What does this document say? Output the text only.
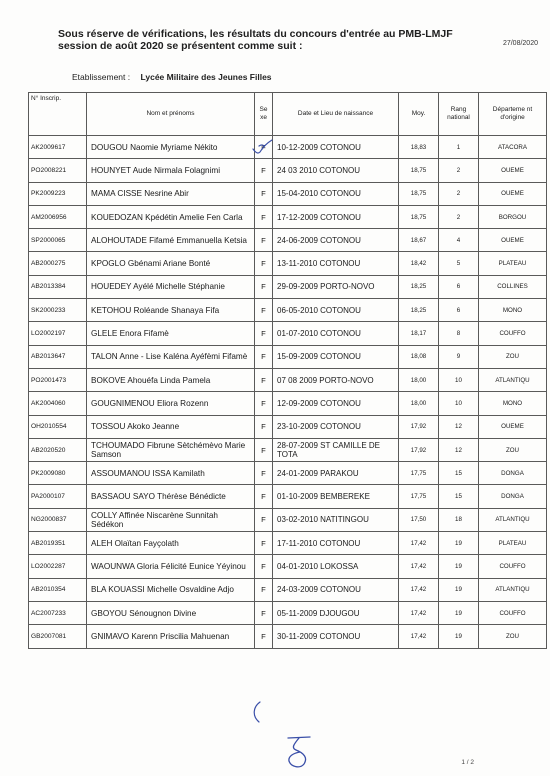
27/08/2020
Sous réserve de vérifications, les résultats du concours d'entrée au PMB-LMJF
session de août 2020 se présentent comme suit :
Etablissement : Lycée Militaire des Jeunes Filles
N° Inscrip.	Nom et prénoms	Se xe	Date et Lieu de naissance	Moy.	Rang national	Départeme nt d'origine
AK2009617	DOUGOU Naomie Myriame Nékito	F	10-12-2009 COTONOU	18,83	1	ATACORA
PO2008221	HOUNYET Aude Nirmala Folagnimi	F	24 03 2010 COTONOU	18,75	2	OUEME
PK2009223	MAMA CISSE Nesrine Abir	F	15-04-2010 COTONOU	18,75	2	OUEME
AM2006956	KOUEDOZAN Kpédétin Amelie Fen Carla	F	17-12-2009 COTONOU	18,75	2	BORGOU
SP2000065	ALOHOUTADE Fifamé Emmanuella Ketsia	F	24-06-2009 COTONOU	18,67	4	OUEME
AB2000275	KPOGLO Gbénami Ariane Bonté	F	13-11-2010 COTONOU	18,42	5	PLATEAU
AB2013384	HOUEDEY Ayélé Michelle Stéphanie	F	29-09-2009 PORTO-NOVO	18,25	6	COLLINES
SK2000233	KETOHOU Roléande Shanaya Fifa	F	06-05-2010 COTONOU	18,25	6	MONO
LO2002197	GLELE Enora Fifamè	F	01-07-2010 COTONOU	18,17	8	COUFFO
AB2013647	TALON Anne - Lise Kaléna Ayéfèmi Fifamè	F	15-09-2009 COTONOU	18,08	9	ZOU
PO2001473	BOKOVE Ahouéfa Linda Pamela	F	07 08 2009 PORTO-NOVO	18,00	10	ATLANTIQU
AK2004060	GOUGNIMENOU Eliora Rozenn	F	12-09-2009 COTONOU	18,00	10	MONO
OH2010554	TOSSOU Akoko Jeanne	F	23-10-2009 COTONOU	17,92	12	OUEME
AB2020520	TCHOUMADO Fibrune Sètchémèvo Marie Samson	F	28-07-2009 ST CAMILLE DE TOTA	17,92	12	ZOU
PK2009080	ASSOUMANOU ISSA Kamilath	F	24-01-2009 PARAKOU	17,75	15	DONGA
PA2000107	BASSAOU SAYO Thérèse Bénédicte	F	01-10-2009 BEMBEREKE	17,75	15	DONGA
NG2000837	COLLY Affinée Niscarène Sunnitah Sédékon	F	03-02-2010 NATITINGOU	17,50	18	ATLANTIQU
AB2019351	ALEH Olaïtan Fayçolath	F	17-11-2010 COTONOU	17,42	19	PLATEAU
LO2002287	WAOUNWA Gloria Félicité Eunice Yéyinou	F	04-01-2010 LOKOSSA	17,42	19	COUFFO
AB2010354	BLA KOUASSI Michelle Osvaldine Adjo	F	24-03-2009 COTONOU	17,42	19	ATLANTIQU
AC2007233	GBOYOU Sénougnon Divine	F	05-11-2009 DJOUGOU	17,42	19	COUFFO
GB2007081	GNIMAVO Karenn Priscilia Mahuenan	F	30-11-2009 COTONOU	17,42	19	ZOU
1 / 2
